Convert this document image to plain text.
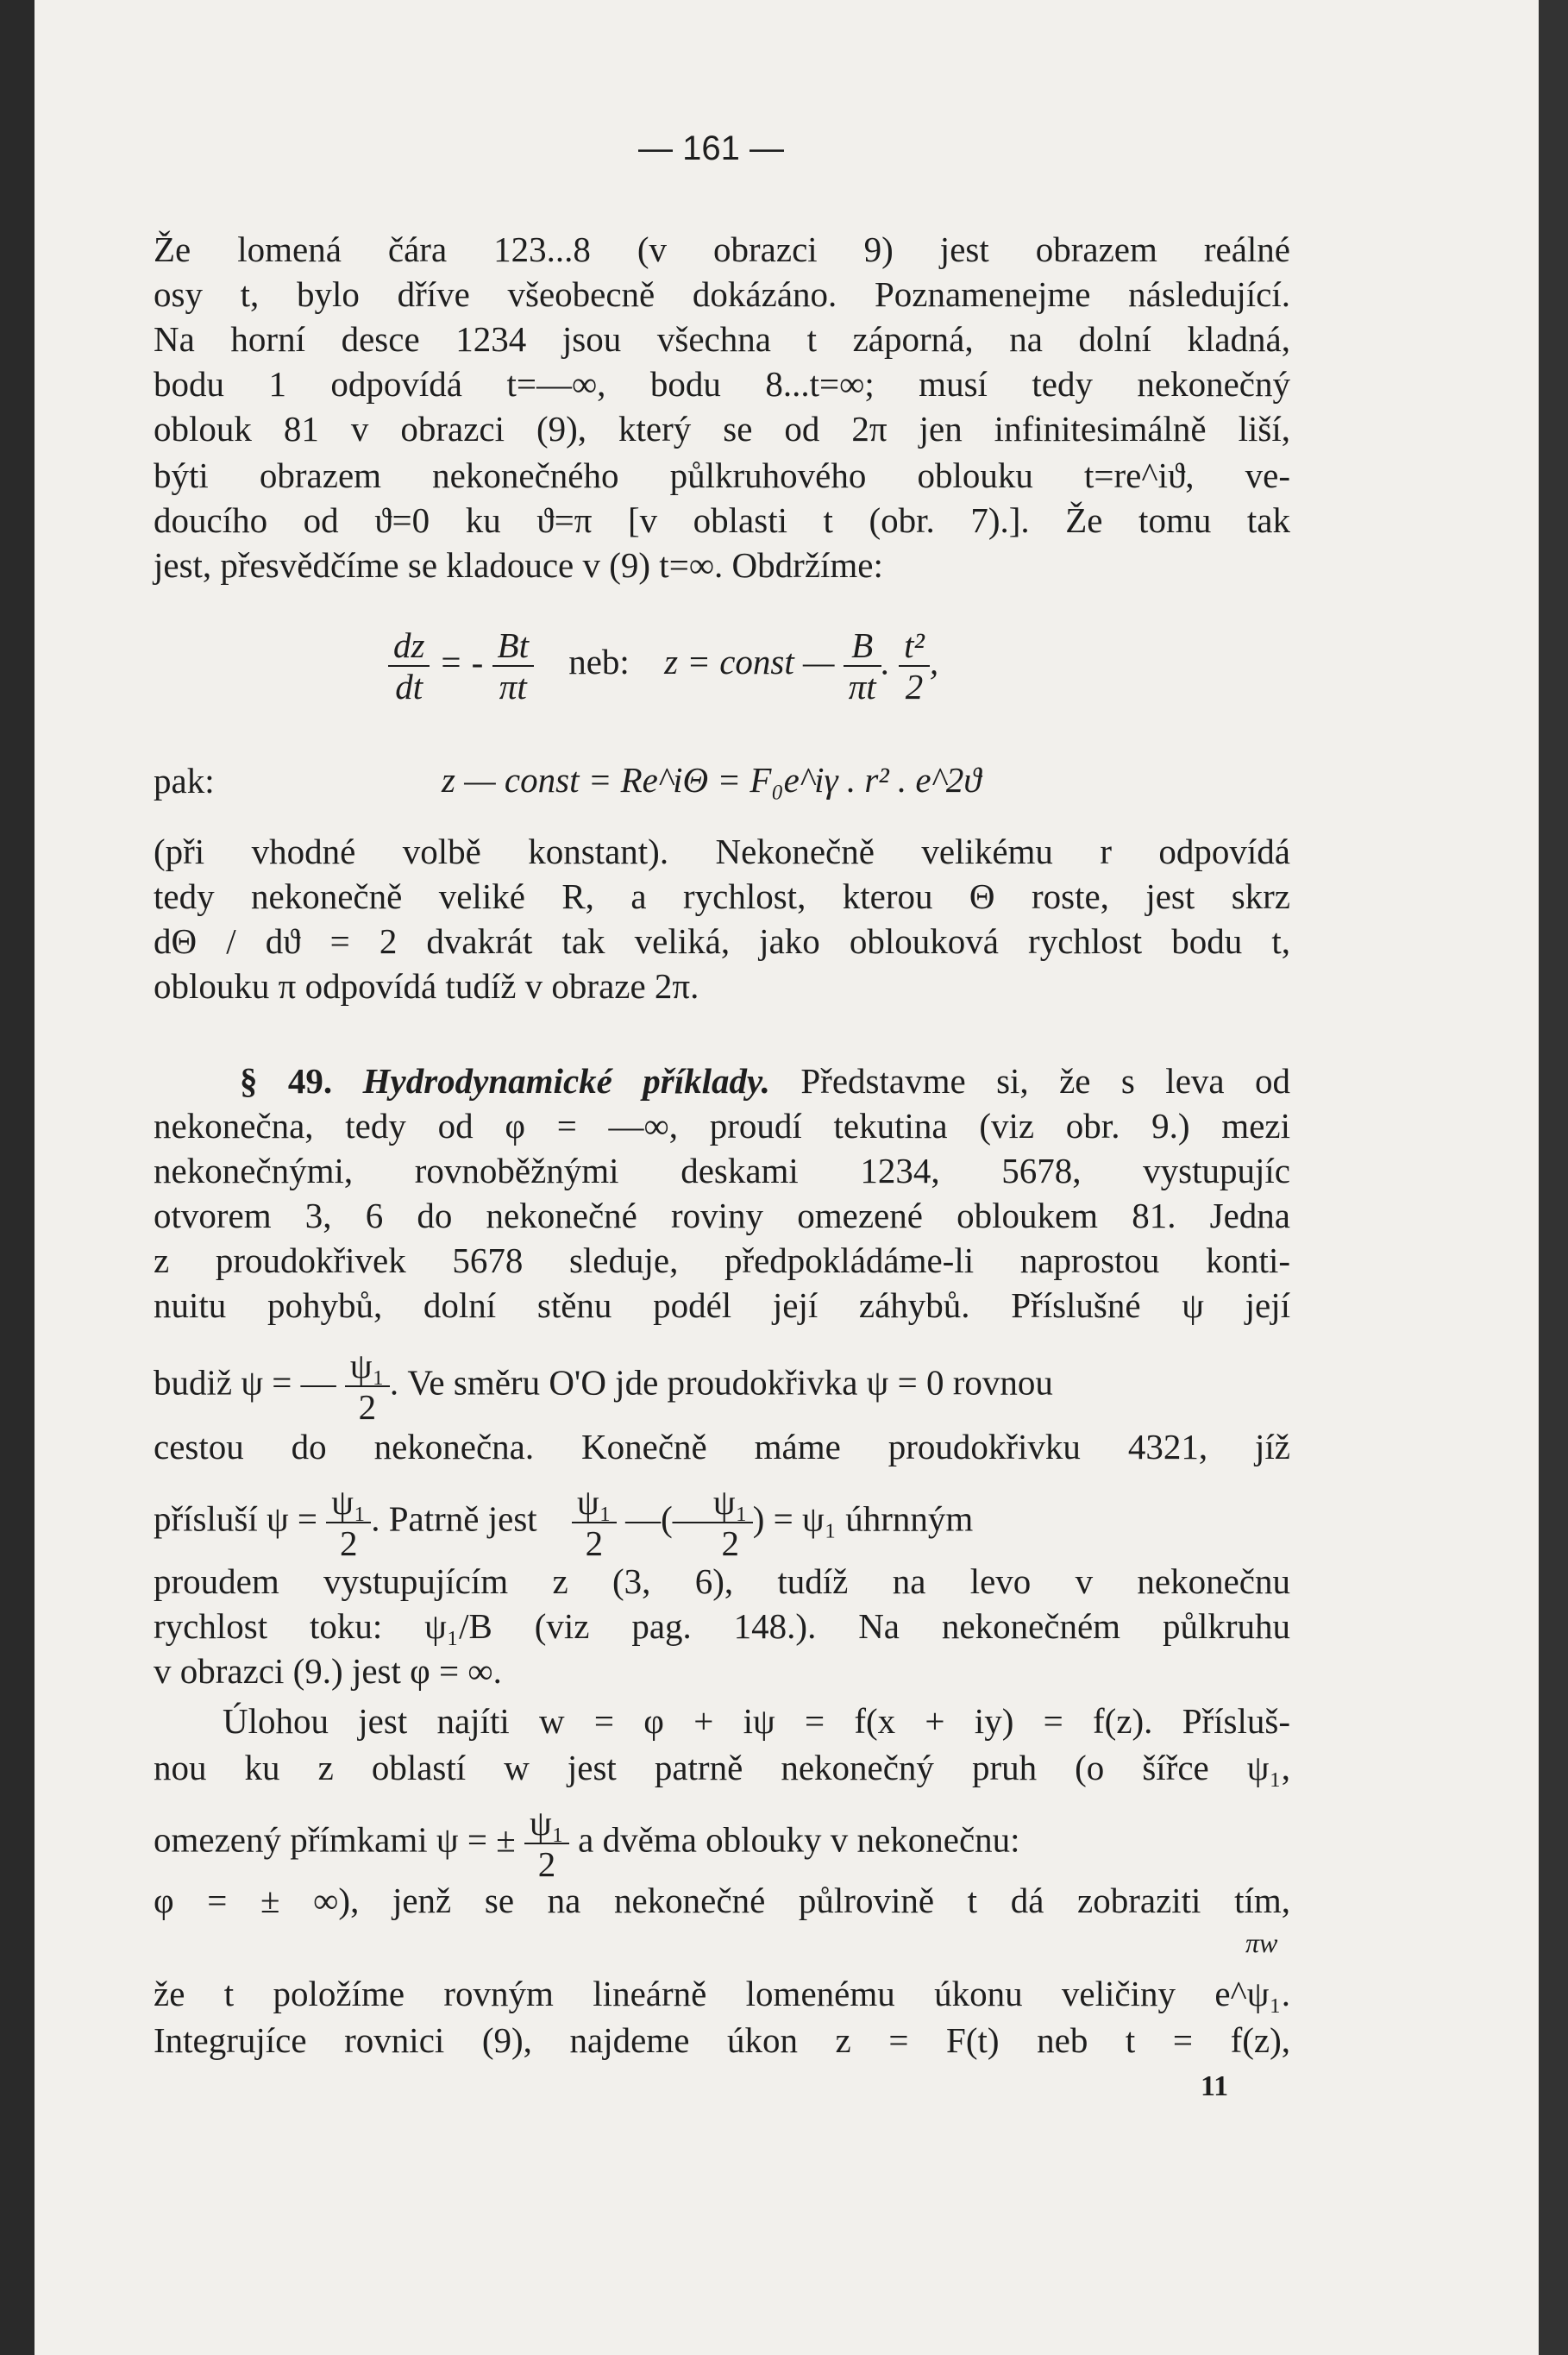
— 161 —
Že lomená čára 123...8 (v obrazci 9) jest obrazem reálné
osy t, bylo dříve všeobecně dokázáno. Poznamenejme následující.
Na horní desce 1234 jsou všechna t záporná, na dolní kladná,
bodu 1 odpovídá t=—∞, bodu 8...t=∞; musí tedy nekonečný
oblouk 81 v obrazci (9), který se od 2π jen infinitesimálně liší,
býti obrazem nekonečného půlkruhového oblouku t=re^iϑ, ve-
doucího od ϑ=0 ku ϑ=π [v oblasti t (obr. 7).]. Že tomu tak
jest, přesvědčíme se kladouce v (9) t=∞. Obdržíme:
$\frac{dz}{dt}$ = - $\frac{Bt}{\pi t}$ neb: z = const — $\frac{B}{\pi t}$ . $\frac{\text{t²}}{2}$ ,
pak:	z — const = Re^iΘ = F₀e^iγ . r² . e^2ϑ
(při vhodné volbě konstant). Nekonečně velikému r odpovídá
tedy nekonečně veliké R, a rychlost, kterou Θ roste, jest skrz
dΘ / dϑ = 2 dvakrát tak veliká, jako oblouková rychlost bodu t,
oblouku π odpovídá tudíž v obraze 2π.
§ 49. Hydrodynamické příklady. Představme si, že s leva od
nekonečna, tedy od φ = —∞, proudí tekutina (viz obr. 9.) mezi
nekonečnými, rovnoběžnými deskami 1234, 5678, vystupujíc
otvorem 3, 6 do nekonečné roviny omezené obloukem 81. Jedna
z proudokřivek 5678 sleduje, předpokládáme-li naprostou konti-
nuitu pohybů, dolní stěnu podél její záhybů. Příslušné ψ její
budiž ψ = — $\frac{\text{ψ₁}}{2}$ . Ve směru O'O jde proudokřivka ψ = 0 rovnou
cestou do nekonečna. Konečně máme proudokřivku 4321, jíž
přísluší $\psi = \frac{\text{ψ₁}}{2}$ . Patrně jest $\frac{\text{ψ₁}}{2}$ —(— $\frac{\text{ψ₁}}{2}$ ) = ψ₁ úhrnným
proudem vystupujícím z (3, 6), tudíž na levo v nekonečnu
rychlost toku: ψ₁/B (viz pag. 148.). Na nekonečném půlkruhu
v obrazci (9.) jest φ = ∞.
Úlohou jest najíti w = φ + iψ = f(x + iy) = f(z). Přísluš-
nou ku z oblastí w jest patrně nekonečný pruh (o šířce ψ₁,
omezený přímkami ψ = ± $\frac{\text{ψ₁}}{2}$ a dvěma oblouky v nekonečnu:
φ = ± ∞), jenž se na nekonečné půlrovině t dá zobraziti tím,
πw
že t položíme rovným lineárně lomenému úkonu veličiny e^ψ₁.
Integrujíce rovnici (9), najdeme úkon z = F(t) neb t = f(z),
11
